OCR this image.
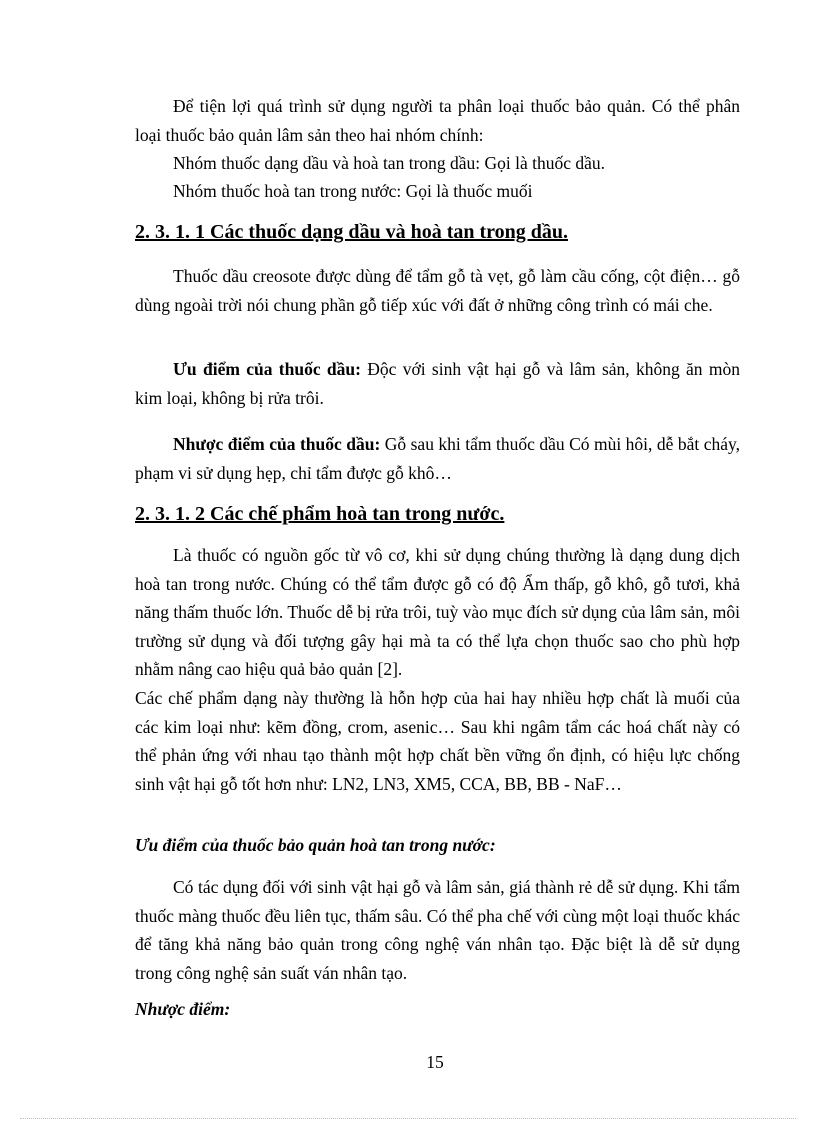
Để tiện lợi quá trình sử dụng người ta phân loại thuốc bảo quản. Có thể phân loại thuốc bảo quản lâm sản theo hai nhóm chính:

Nhóm thuốc dạng dầu và hoà tan trong dầu: Gọi là thuốc dầu.

Nhóm thuốc hoà tan trong nước: Gọi là thuốc muối

2. 3. 1. 1 Các thuốc dạng dầu và hoà tan trong dầu.

Thuốc dầu creosote được dùng để tẩm gỗ tà vẹt, gỗ làm cầu cống, cột điện… gỗ dùng ngoài trời nói chung phần gỗ tiếp xúc với đất ở những công trình có mái che.

Ưu điểm của thuốc dầu: Độc với sinh vật hại gỗ và lâm sản, không ăn mòn kim loại, không bị rửa trôi.

Nhược điểm của thuốc dầu: Gỗ sau khi tẩm thuốc dầu Có mùi hôi, dễ bắt cháy, phạm vi sử dụng hẹp, chỉ tẩm được gỗ khô…

2. 3. 1. 2 Các chế phẩm hoà tan trong nước.

Là thuốc có nguồn gốc từ vô cơ, khi sử dụng chúng thường là dạng dung dịch hoà tan trong nước. Chúng có thể tẩm được gỗ có độ Ẩm thấp, gỗ khô, gỗ tươi, khả năng thấm thuốc lớn. Thuốc dễ bị rửa trôi, tuỳ vào mục đích sử dụng của lâm sản, môi trường sử dụng và đối tượng gây hại mà ta có thể lựa chọn thuốc sao cho phù hợp nhằm nâng cao hiệu quả bảo quản [2].

Các chế phẩm dạng này thường là hỗn hợp của hai hay nhiều hợp chất là muối của các kim loại như: kẽm đồng, crom, asenic… Sau khi ngâm tẩm các hoá chất này có thể phản ứng với nhau tạo thành một hợp chất bền vững ổn định, có hiệu lực chống sinh vật hại gỗ tốt hơn như: LN2, LN3, XM5, CCA, BB, BB - NaF…

Ưu điểm của thuốc bảo quản hoà tan trong nước:

Có tác dụng đối với sinh vật hại gỗ và lâm sản, giá thành rẻ dễ sử dụng. Khi tẩm thuốc màng thuốc đều liên tục, thấm sâu. Có thể pha chế với cùng một loại thuốc khác để tăng khả năng bảo quản trong công nghệ ván nhân tạo. Đặc biệt là dễ sử dụng trong công nghệ sản suất ván nhân tạo.

Nhược điểm:

15
